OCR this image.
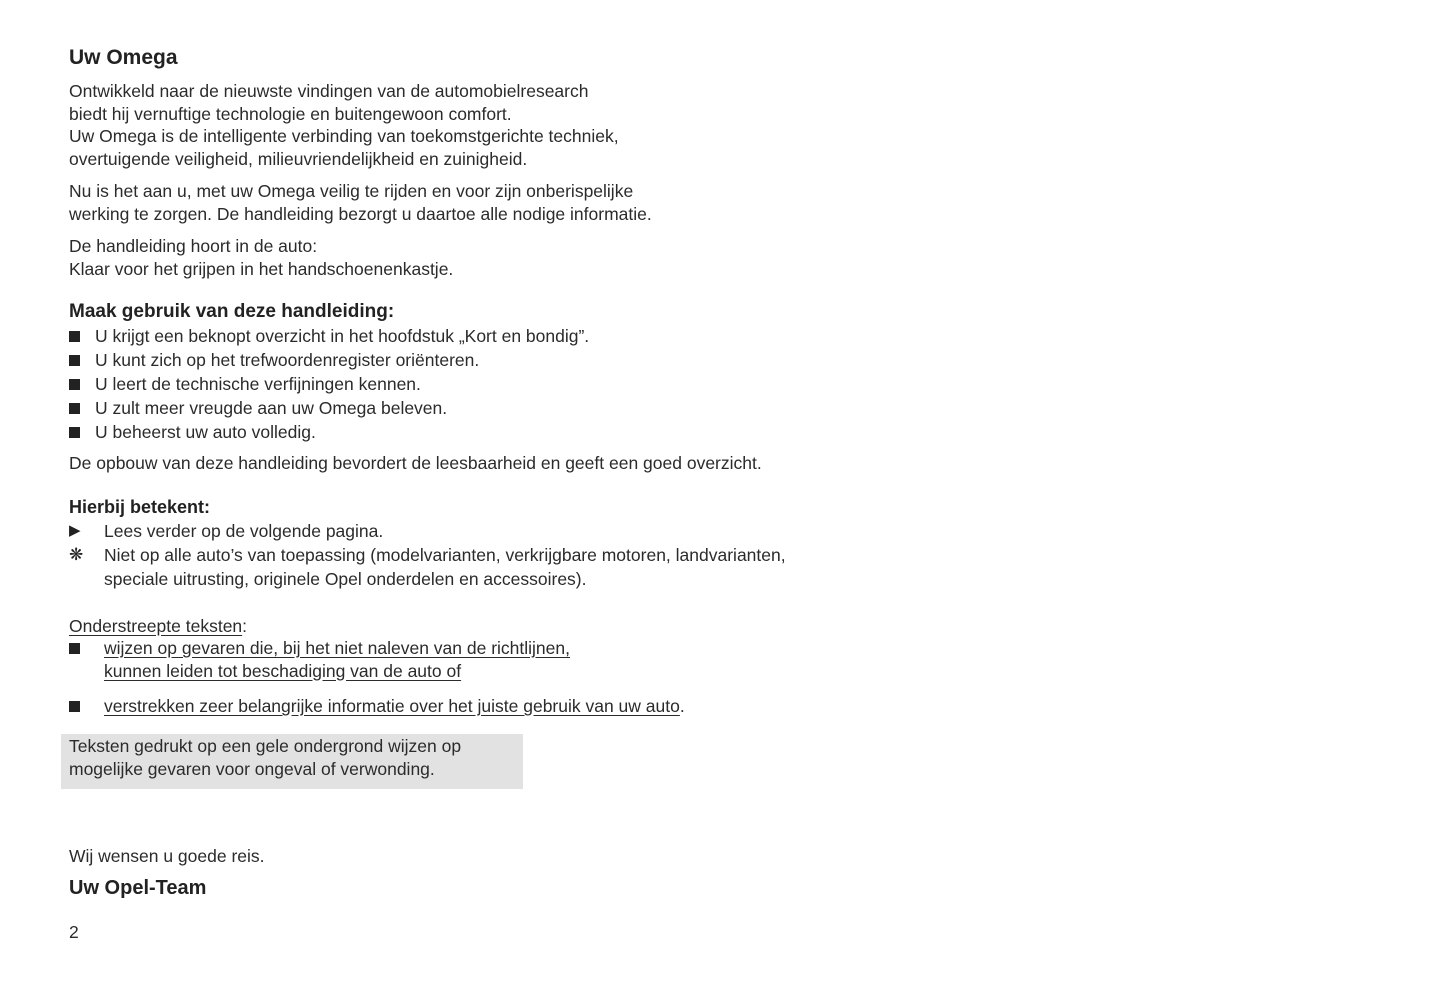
Uw Omega

Ontwikkeld naar de nieuwste vindingen van de automobielresearch

biedt hij vernuftige technologie en buitengewoon comfort.

Uw Omega is de intelligente verbinding van toekomstgerichte techniek,

overtuigende veiligheid, milieuvriendelijkheid en zuinigheid.

Nu is het aan u, met uw Omega veilig te rijden en voor zijn onberispelijke

werking te zorgen. De handleiding bezorgt u daartoe alle nodige informatie.

De handleiding hoort in de auto:

Klaar voor het grijpen in het handschoenenkastje.

Maak gebruik van deze handleiding:
U krijgt een beknopt overzicht in het hoofdstuk „Kort en bondig”.
U kunt zich op het trefwoordenregister oriënteren.
U leert de technische verfijningen kennen.
U zult meer vreugde aan uw Omega beleven.
U beheerst uw auto volledig.

De opbouw van deze handleiding bevordert de leesbaarheid en geeft een goed overzicht.

Hierbij betekent:
▶	Lees verder op de volgende pagina.
❋	Niet op alle auto’s van toepassing (modelvarianten, verkrijgbare motoren, landvarianten,
speciale uitrusting, originele Opel onderdelen en accessoires).

Onderstreepte teksten:

wijzen op gevaren die, bij het niet naleven van de richtlijnen,
kunnen leiden tot beschadiging van de auto of
verstrekken zeer belangrijke informatie over het juiste gebruik van uw auto.

Teksten gedrukt op een gele ondergrond wijzen op

mogelijke gevaren voor ongeval of verwonding.

Wij wensen u goede reis.

Uw Opel-Team

2
